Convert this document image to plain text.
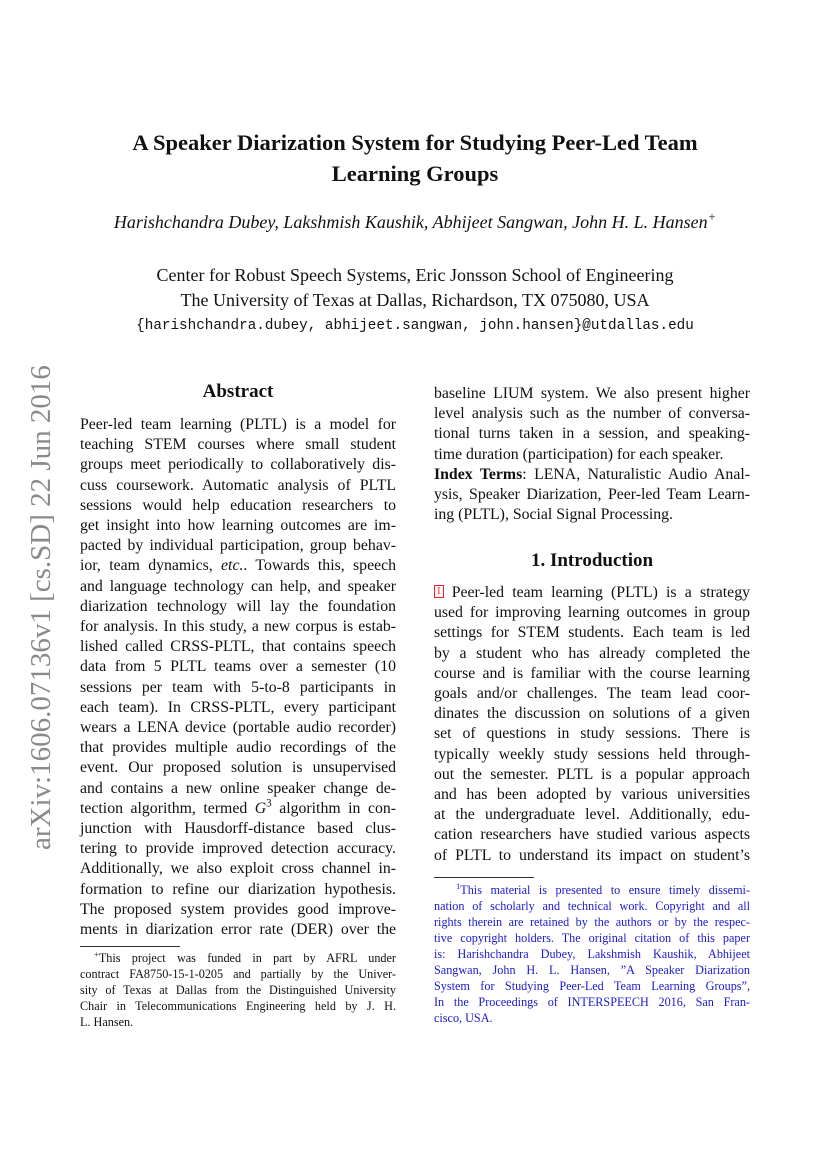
A Speaker Diarization System for Studying Peer-Led Team
Learning Groups
Harishchandra Dubey, Lakshmish Kaushik, Abhijeet Sangwan, John H. L. Hansen+
Center for Robust Speech Systems, Eric Jonsson School of Engineering
The University of Texas at Dallas, Richardson, TX 075080, USA
{harishchandra.dubey, abhijeet.sangwan, john.hansen}@utdallas.edu
arXiv:1606.07136v1 [cs.SD] 22 Jun 2016	Abstract
Peer-led team learning (PLTL) is a model for
teaching STEM courses where small student
groups meet periodically to collaboratively dis-
cuss coursework. Automatic analysis of PLTL
sessions would help education researchers to
get insight into how learning outcomes are im-
pacted by individual participation, group behav-
ior, team dynamics, etc.. Towards this, speech
and language technology can help, and speaker
diarization technology will lay the foundation
for analysis. In this study, a new corpus is estab-
lished called CRSS-PLTL, that contains speech
data from 5 PLTL teams over a semester (10
sessions per team with 5-to-8 participants in
each team). In CRSS-PLTL, every participant
wears a LENA device (portable audio recorder)
that provides multiple audio recordings of the
event. Our proposed solution is unsupervised
and contains a new online speaker change de-
tection algorithm, termed $G^3$ algorithm in con-
junction with Hausdorff-distance based clus-
tering to provide improved detection accuracy.
Additionally, we also exploit cross channel in-
formation to refine our diarization hypothesis.
The proposed system provides good improve-
ments in diarization error rate (DER) over the
+This project was funded in part by AFRL under
contract FA8750-15-1-0205 and partially by the Univer-
sity of Texas at Dallas from the Distinguished University
Chair in Telecommunications Engineering held by J. H.
L. Hansen.
baseline LIUM system. We also present higher
level analysis such as the number of conversa-
tional turns taken in a session, and speaking-
time duration (participation) for each speaker.
Index Terms: LENA, Naturalistic Audio Anal-
ysis, Speaker Diarization, Peer-led Team Learn-
ing (PLTL), Social Signal Processing.
1. Introduction
1 Peer-led team learning (PLTL) is a strategy
used for improving learning outcomes in group
settings for STEM students. Each team is led
by a student who has already completed the
course and is familiar with the course learning
goals and/or challenges. The team lead coor-
dinates the discussion on solutions of a given
set of questions in study sessions. There is
typically weekly study sessions held through-
out the semester. PLTL is a popular approach
and has been adopted by various universities
at the undergraduate level. Additionally, edu-
cation researchers have studied various aspects
of PLTL to understand its impact on student’s
$^1$This material is presented to ensure timely dissemi-
nation of scholarly and technical work. Copyright and all
rights therein are retained by the authors or by the respec-
tive copyright holders. The original citation of this paper
is: Harishchandra Dubey, Lakshmish Kaushik, Abhijeet
Sangwan, John H. L. Hansen, ”A Speaker Diarization
System for Studying Peer-Led Team Learning Groups”,
In the Proceedings of INTERSPEECH 2016, San Fran-
cisco, USA.
